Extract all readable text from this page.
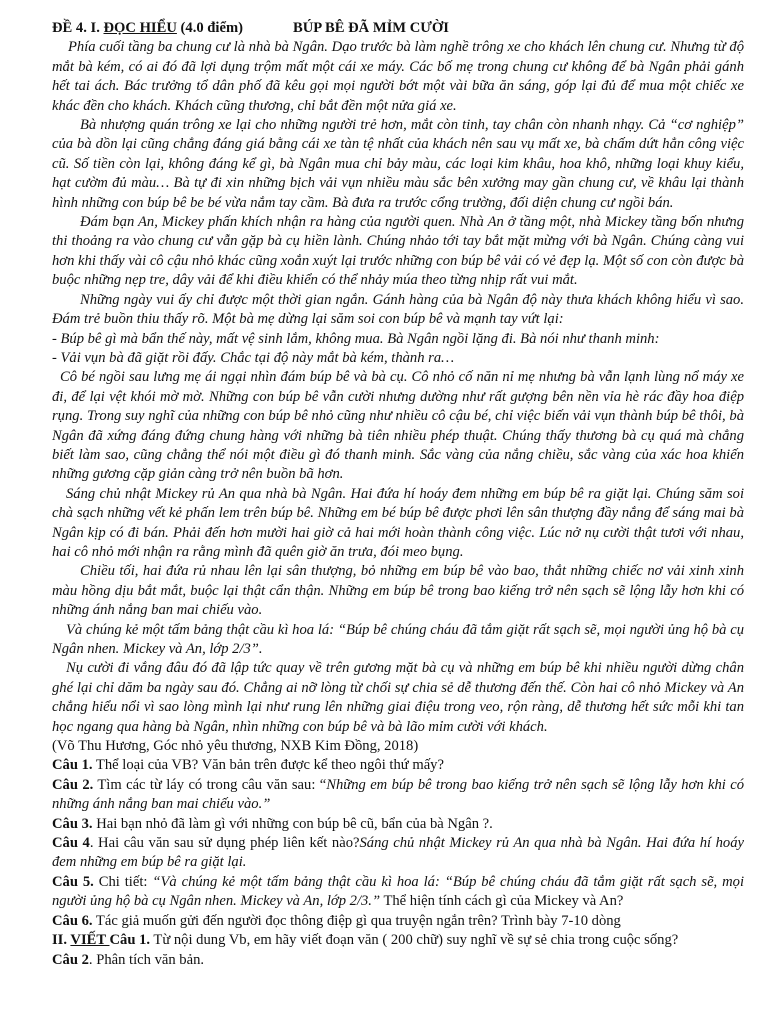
ĐỀ 4. I.
ĐỌC HIỂU
(4.0 điểm)	BÚP BÊ ĐÃ MỈM CƯỜI

Phía cuối tầng ba chung cư là nhà bà Ngân. Dạo trước bà làm nghề trông xe cho khách lên chung cư. Nhưng từ độ mắt bà kém, có ai đó đã lợi dụng trộm mất một cái xe máy. Các bố mẹ trong chung cư không để bà Ngân phải gánh hết tai ách. Bác trưởng tổ dân phố đã kêu gọi mọi người bớt một vài bữa ăn sáng, góp lại đủ để mua một chiếc xe khác đền cho khách. Khách cũng thương, chỉ bắt đền một nửa giá xe.

Bà nhượng quán trông xe lại cho những người trẻ hơn, mắt còn tinh, tay chân còn nhanh nhạy. Cả “cơ nghiệp” của bà dồn lại cũng chẳng đáng giá bằng cái xe tàn tệ nhất của khách nên sau vụ mất xe, bà chấm dứt hẳn công việc cũ. Số tiền còn lại, không đáng kể gì, bà Ngân mua chỉ bảy màu, các loại kim khâu, hoa khô, những loại khuy kiểu, hạt cườm đủ màu… Bà tự đi xin những bịch vải vụn nhiều màu sắc bên xưởng may gần chung cư, về khâu lại thành hình những con búp bê be bé vừa nắm tay cầm. Bà đưa ra trước cổng trường, đối diện chung cư ngồi bán.

Đám bạn An, Mickey phấn khích nhận ra hàng của người quen. Nhà An ở tầng một, nhà Mickey tầng bốn nhưng thi thoảng ra vào chung cư vẫn gặp bà cụ hiền lành. Chúng nhảo tới tay bắt mặt mừng với bà Ngân. Chúng càng vui hơn khi thấy vài cô cậu nhỏ khác cũng xoắn xuýt lại trước những con búp bê vải có vẻ đẹp lạ. Một số con còn được bà buộc những nẹp tre, dây vải để khi điều khiển có thể nhảy múa theo từng nhịp rất vui mắt.

Những ngày vui ấy chỉ được một thời gian ngắn. Gánh hàng của bà Ngân độ này thưa khách không hiểu vì sao. Đám trẻ buồn thiu thấy rõ. Một bà mẹ dừng lại săm soi con búp bê và mạnh tay vứt lại:

- Búp bê gì mà bẩn thế này, mất vệ sinh lắm, không mua. Bà Ngân ngồi lặng đi. Bà nói như thanh minh:

- Vải vụn bà đã giặt rồi đấy. Chắc tại độ này mắt bà kém, thành ra…

Cô bé ngồi sau lưng mẹ ái ngại nhìn đám búp bê và bà cụ. Cô nhỏ cố năn nỉ mẹ nhưng bà vẫn lạnh lùng nổ máy xe đi, để lại vệt khói mờ mờ. Những con búp bê vẫn cười nhưng dường như rất gượng bên nền vỉa hè rác đầy hoa điệp rụng. Trong suy nghĩ của những con búp bê nhỏ cũng như nhiều cô cậu bé, chỉ việc biến vải vụn thành búp bê thôi, bà Ngân đã xứng đáng đứng chung hàng với những bà tiên nhiều phép thuật. Chúng thấy thương bà cụ quá mà chẳng biết làm sao, cũng chẳng thể nói một điều gì đó thanh minh. Sắc vàng của nắng chiều, sắc vàng của xác hoa khiến những gương cặp giản càng trở nên buồn bã hơn.

Sáng chủ nhật Mickey rủ An qua nhà bà Ngân. Hai đứa hí hoáy đem những em búp bê ra giặt lại. Chúng săm soi chà sạch những vết kẻ phấn lem trên búp bê. Những em bé búp bê được phơi lên sân thượng đầy nắng để sáng mai bà Ngân kịp có đi bán. Phải đến hơn mười hai giờ cả hai mới hoàn thành công việc. Lúc nở nụ cười thật tươi với nhau, hai cô nhỏ mới nhận ra rằng mình đã quên giờ ăn trưa, đói meo bụng.

Chiều tối, hai đứa rủ nhau lên lại sân thượng, bỏ những em búp bê vào bao, thắt những chiếc nơ vải xinh xinh màu hồng dịu bắt mắt, buộc lại thật cẩn thận. Những em búp bê trong bao kiếng trở nên sạch sẽ lộng lẫy hơn khi có những ánh nắng ban mai chiếu vào.

Và chúng kẻ một tấm bảng thật cầu kì hoa lá: “Búp bê chúng cháu đã tắm giặt rất sạch sẽ, mọi người ủng hộ bà cụ Ngân nhen. Mickey và An, lớp 2/3”.

Nụ cười đi vắng đâu đó đã lập tức quay về trên gương mặt bà cụ và những em búp bê khi nhiều người dừng chân ghé lại chỉ dăm ba ngày sau đó. Chẳng ai nỡ lòng từ chối sự chia sẻ dễ thương đến thế. Còn hai cô nhỏ Mickey và An chẳng hiểu nổi vì sao lòng mình lại như rung lên những giai điệu trong veo, rộn ràng, dễ thương hết sức mỗi khi tan học ngang qua hàng bà Ngân, nhìn những con búp bê và bà lão mỉm cười với khách.

(Võ Thu Hương, Góc nhỏ yêu thương, NXB Kim Đồng, 2018)

Câu 1. Thể loại của VB? Văn bản trên được kể theo ngôi thứ mấy?

Câu 2. Tìm các từ láy có trong câu văn sau: “Những em búp bê trong bao kiếng trở nên sạch sẽ lộng lẫy hơn khi có những ánh nắng ban mai chiếu vào.”

Câu 3. Hai bạn nhỏ đã làm gì với những con búp bê cũ, bẩn của bà Ngân ?.

Câu 4. Hai câu văn sau sử dụng phép liên kết nào?Sáng chủ nhật Mickey rủ An qua nhà bà Ngân. Hai đứa hí hoáy đem những em búp bê ra giặt lại.

Câu 5. Chi tiết: “Và chúng kẻ một tấm bảng thật cầu kì hoa lá: “Búp bê chúng cháu đã tắm giặt rất sạch sẽ, mọi người ủng hộ bà cụ Ngân nhen. Mickey và An, lớp 2/3.” Thể hiện tính cách gì của Mickey và An?

Câu 6. Tác giả muốn gửi đến người đọc thông điệp gì qua truyện ngắn trên? Trình bày 7-10 dòng

II. VIẾT Câu 1. Từ nội dung Vb, em hãy viết đoạn văn ( 200 chữ) suy nghĩ về sự sẻ chia trong cuộc sống?

Câu 2. Phân tích văn bản.
